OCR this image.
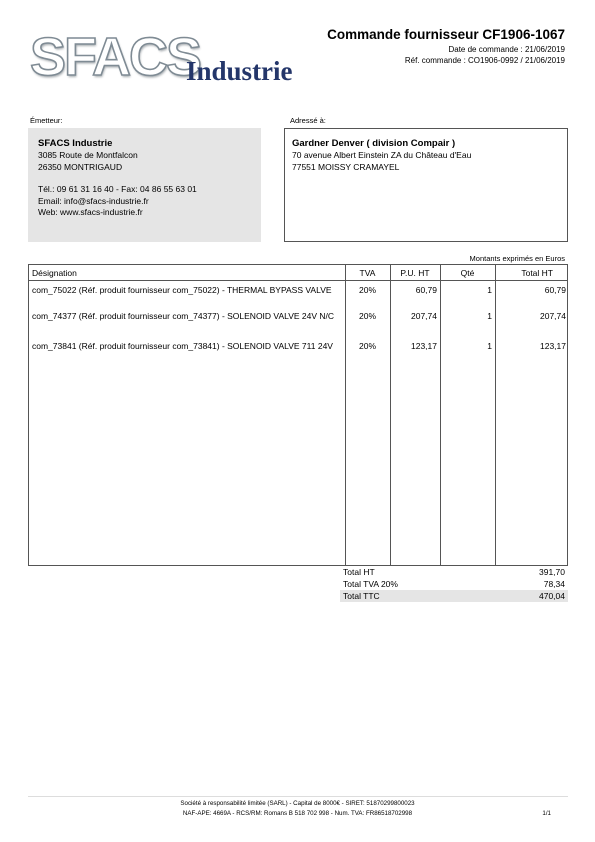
SFACS
Industrie
Commande fournisseur CF1906-1067
Date de commande : 21/06/2019
Réf. commande : CO1906-0992 / 21/06/2019
Émetteur:	Adressé à:
SFACS Industrie
3085 Route de Montfalcon
26350 MONTRIGAUD
Tél.: 09 61 31 16 40 - Fax: 04 86 55 63 01
Email: info@sfacs-industrie.fr
Web: www.sfacs-industrie.fr
Gardner Denver ( division Compair )
70 avenue Albert Einstein ZA du Château d'Eau
77551 MOISSY CRAMAYEL
Montants exprimés en Euros
Désignation	TVA	P.U. HT	Qté	Total HT
com_75022 (Réf. produit fournisseur com_75022) - THERMAL BYPASS VALVE	20%	60,79	1	60,79
com_74377 (Réf. produit fournisseur com_74377) - SOLENOID VALVE 24V N/C	20%	207,74	1	207,74
com_73841 (Réf. produit fournisseur com_73841) - SOLENOID VALVE 711 24V	20%	123,17	1	123,17
Total HT	391,70
Total TVA 20%	78,34
Total TTC	470,04
Société à responsabilité limitée (SARL) - Capital de 8000€ - SIRET: 51870299800023
NAF-APE: 4669A - RCS/RM: Romans B 518 702 998 - Num. TVA: FR86518702998	1/1
